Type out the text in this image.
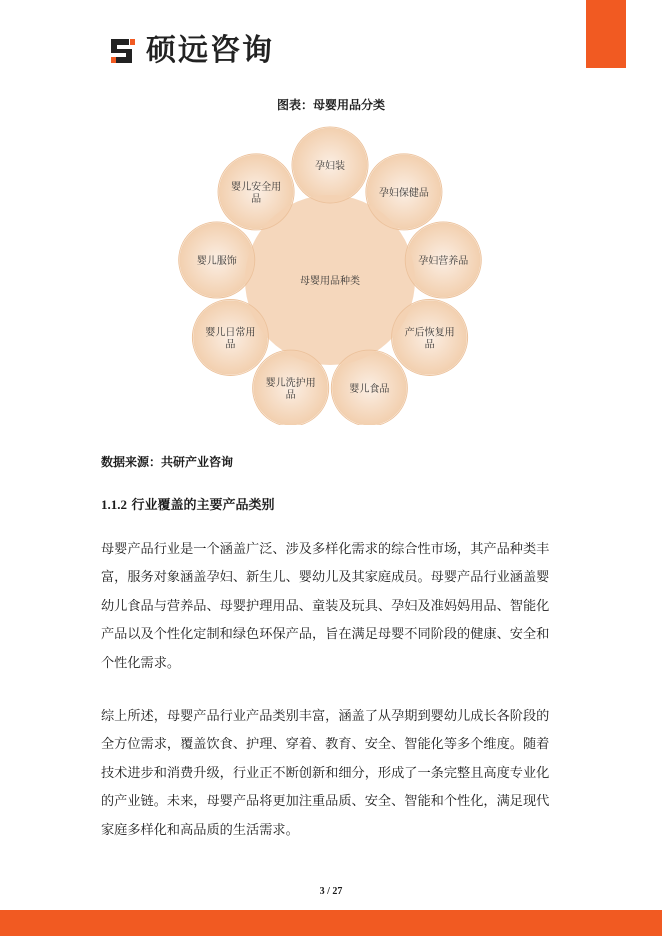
硕远咨询
图表：母婴用品分类
孕妇装
孕妇保健品
孕妇营养品
产后恢复用
品
婴儿食品
婴儿洗护用
品
婴儿日常用
品
婴儿服饰
婴儿安全用
品
母婴用品种类
数据来源：共研产业咨询
1.1.2 行业覆盖的主要产品类别

母婴产品行业是一个涵盖广泛、涉及多样化需求的综合性市场，其产品种类丰富，服务对象涵盖孕妇、新生儿、婴幼儿及其家庭成员。母婴产品行业涵盖婴幼儿食品与营养品、母婴护理用品、童装及玩具、孕妇及准妈妈用品、智能化产品以及个性化定制和绿色环保产品，旨在满足母婴不同阶段的健康、安全和个性化需求。

综上所述，母婴产品行业产品类别丰富，涵盖了从孕期到婴幼儿成长各阶段的全方位需求，覆盖饮食、护理、穿着、教育、安全、智能化等多个维度。随着技术进步和消费升级，行业正不断创新和细分，形成了一条完整且高度专业化的产业链。未来，母婴产品将更加注重品质、安全、智能和个性化，满足现代家庭多样化和高品质的生活需求。

3 / 27
